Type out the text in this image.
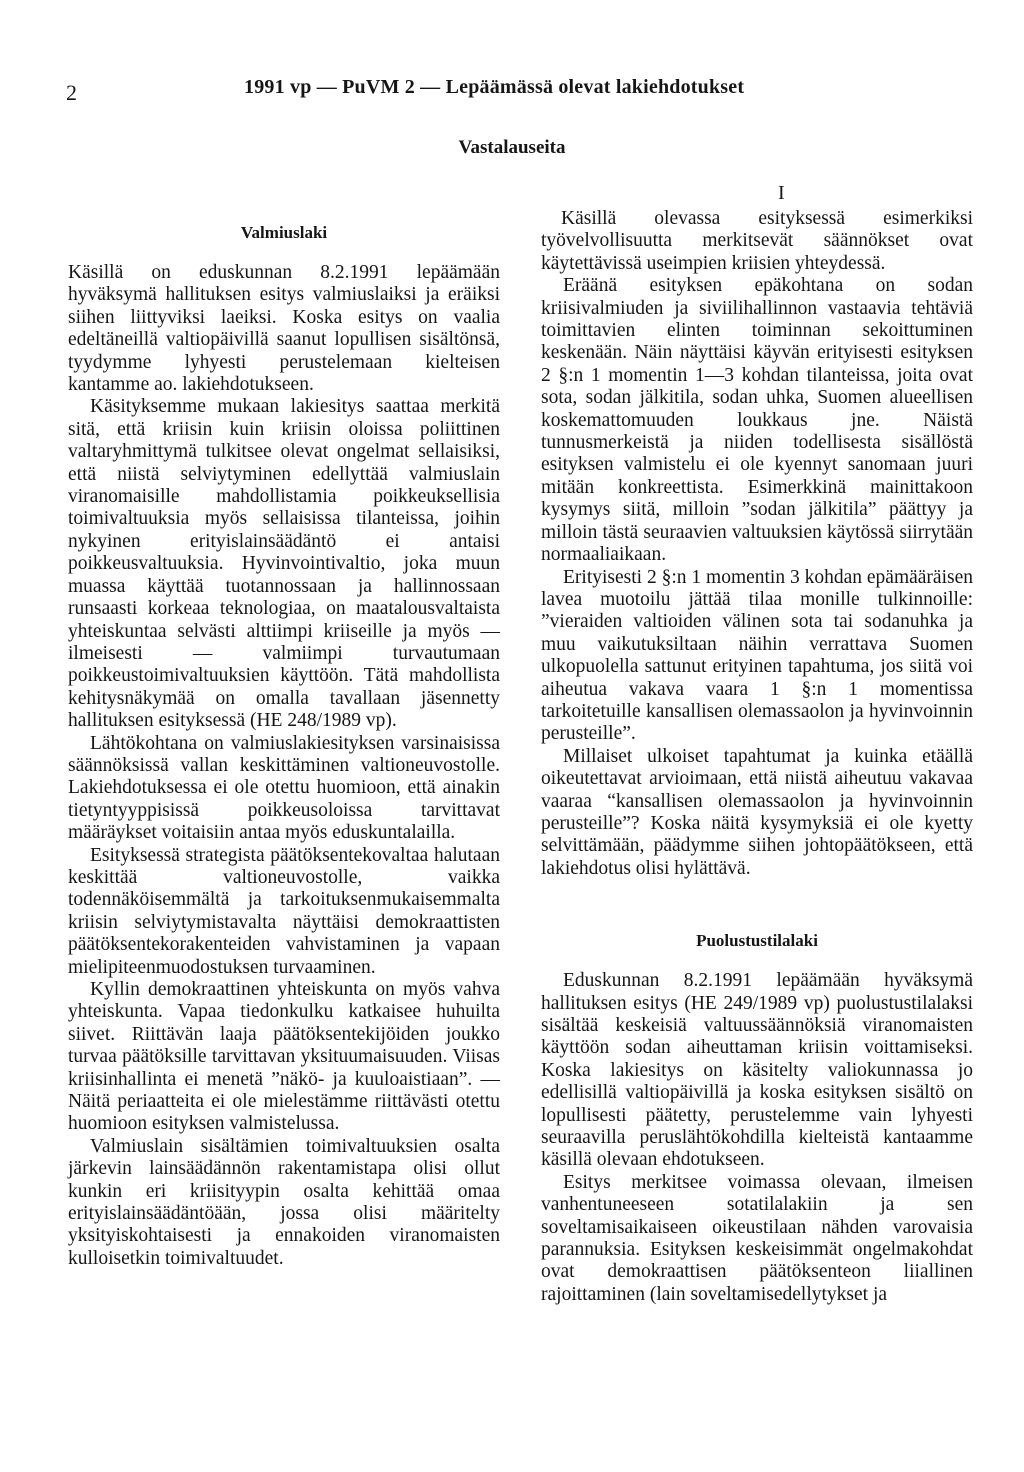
2	1991 vp — PuVM 2 — Lepäämässä olevat lakiehdotukset
Vastalauseita
I
Valmiuslaki

Käsillä on eduskunnan 8.2.1991 lepäämään hyväksymä hallituksen esitys valmiuslaiksi ja eräiksi siihen liittyviksi laeiksi. Koska esitys on vaalia edeltäneillä valtiopäivillä saanut lopullisen sisältönsä, tyydymme lyhyesti perustelemaan kielteisen kantamme ao. lakiehdotukseen.

Käsityksemme mukaan lakiesitys saattaa merkitä sitä, että kriisin kuin kriisin oloissa poliittinen valtaryhmittymä tulkitsee olevat ongelmat sellaisiksi, että niistä selviytyminen edellyttää valmiuslain viranomaisille mahdollistamia poikkeuksellisia toimivaltuuksia myös sellaisissa tilanteissa, joihin nykyinen erityislainsäädäntö ei antaisi poikkeusvaltuuksia. Hyvinvointivaltio, joka muun muassa käyttää tuotannossaan ja hallinnossaan runsaasti korkeaa teknologiaa, on maatalousvaltaista yhteiskuntaa selvästi alttiimpi kriiseille ja myös — ilmeisesti — valmiimpi turvautumaan poikkeustoimivaltuuksien käyttöön. Tätä mahdollista kehitysnäkymää on omalla tavallaan jäsennetty hallituksen esityksessä (HE 248/1989 vp).

Lähtökohtana on valmiuslakiesityksen varsinaisissa säännöksissä vallan keskittäminen valtioneuvostolle. Lakiehdotuksessa ei ole otettu huomioon, että ainakin tietyntyyppisissä poikkeusoloissa tarvittavat määräykset voitaisiin antaa myös eduskuntalailla.

Esityksessä strategista päätöksentekovaltaa halutaan keskittää valtioneuvostolle, vaikka todennäköisemmältä ja tarkoituksenmukaisemmalta kriisin selviytymistavalta näyttäisi demokraattisten päätöksentekorakenteiden vahvistaminen ja vapaan mielipiteenmuodostuksen turvaaminen.

Kyllin demokraattinen yhteiskunta on myös vahva yhteiskunta. Vapaa tiedonkulku katkaisee huhuilta siivet. Riittävän laaja päätöksentekijöiden joukko turvaa päätöksille tarvittavan yksituumaisuuden. Viisas kriisinhallinta ei menetä ”näkö- ja kuuloaistiaan”. — Näitä periaatteita ei ole mielestämme riittävästi otettu huomioon esityksen valmistelussa.

Valmiuslain sisältämien toimivaltuuksien osalta järkevin lainsäädännön rakentamistapa olisi ollut kunkin eri kriisityypin osalta kehittää omaa erityislainsäädäntöään, jossa olisi määritelty yksityiskohtaisesti ja ennakoiden viranomaisten kulloisetkin toimivaltuudet.

Käsillä olevassa esityksessä esimerkiksi työvelvollisuutta merkitsevät säännökset ovat käytettävissä useimpien kriisien yhteydessä.

Eräänä esityksen epäkohtana on sodan kriisivalmiuden ja siviilihallinnon vastaavia tehtäviä toimittavien elinten toiminnan sekoittuminen keskenään. Näin näyttäisi käyvän erityisesti esityksen 2 §:n 1 momentin 1—3 kohdan tilanteissa, joita ovat sota, sodan jälkitila, sodan uhka, Suomen alueellisen koskemattomuuden loukkaus jne. Näistä tunnusmerkeistä ja niiden todellisesta sisällöstä esityksen valmistelu ei ole kyennyt sanomaan juuri mitään konkreettista. Esimerkkinä mainittakoon kysymys siitä, milloin ”sodan jälkitila” päättyy ja milloin tästä seuraavien valtuuksien käytössä siirrytään normaaliaikaan.

Erityisesti 2 §:n 1 momentin 3 kohdan epämääräisen lavea muotoilu jättää tilaa monille tulkinnoille: ”vieraiden valtioiden välinen sota tai sodanuhka ja muu vaikutuksiltaan näihin verrattava Suomen ulkopuolella sattunut erityinen tapahtuma, jos siitä voi aiheutua vakava vaara 1 §:n 1 momentissa tarkoitetuille kansallisen olemassaolon ja hyvinvoinnin perusteille”.

Millaiset ulkoiset tapahtumat ja kuinka etäällä oikeutettavat arvioimaan, että niistä aiheutuu vakavaa vaaraa “kansallisen olemassaolon ja hyvinvoinnin perusteille”? Koska näitä kysymyksiä ei ole kyetty selvittämään, päädymme siihen johtopäätökseen, että lakiehdotus olisi hylättävä.

Puolustustilalaki

Eduskunnan 8.2.1991 lepäämään hyväksymä hallituksen esitys (HE 249/1989 vp) puolustustilalaksi sisältää keskeisiä valtuussäännöksiä viranomaisten käyttöön sodan aiheuttaman kriisin voittamiseksi. Koska lakiesitys on käsitelty valiokunnassa jo edellisillä valtiopäivillä ja koska esityksen sisältö on lopullisesti päätetty, perustelemme vain lyhyesti seuraavilla peruslähtökohdilla kielteistä kantaamme käsillä olevaan ehdotukseen.

Esitys merkitsee voimassa olevaan, ilmeisen vanhentuneeseen sotatilalakiin ja sen soveltamisaikaiseen oikeustilaan nähden varovaisia parannuksia. Esityksen keskeisimmät ongelmakohdat ovat demokraattisen päätöksenteon liiallinen rajoittaminen (lain soveltamisedellytykset ja
